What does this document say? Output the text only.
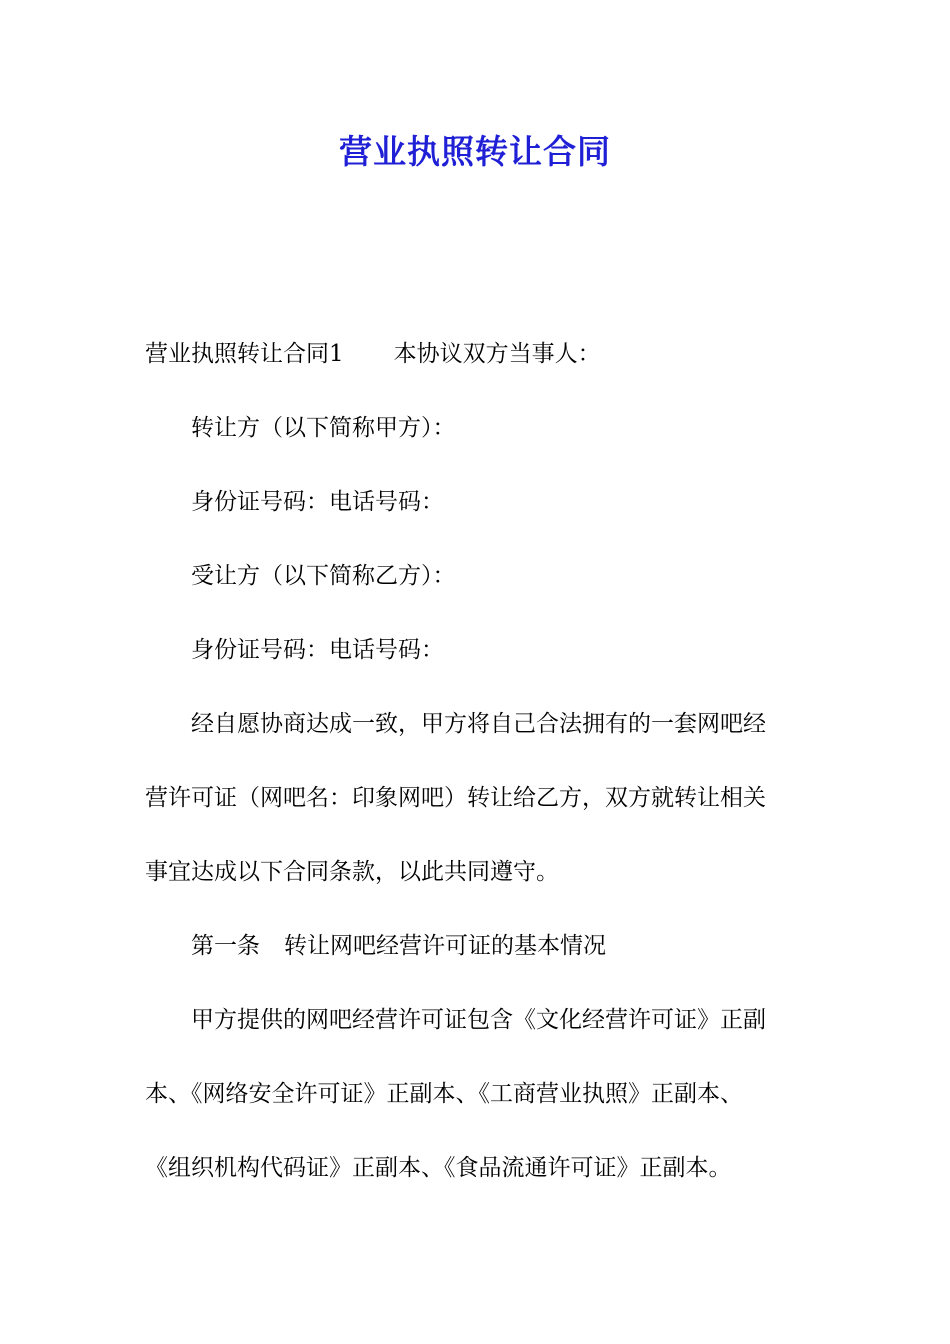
营业执照转让合同

营业执照转让合同1 本协议双方当事人：

转让方（以下简称甲方）：

身份证号码：电话号码：

受让方（以下简称乙方）：

身份证号码：电话号码：

经自愿协商达成一致，甲方将自己合法拥有的一套网吧经

营许可证（网吧名：印象网吧）转让给乙方，双方就转让相关

事宜达成以下合同条款，以此共同遵守。

第一条 转让网吧经营许可证的基本情况

甲方提供的网吧经营许可证包含《文化经营许可证》正副

本、《网络安全许可证》正副本、《工商营业执照》正副本、

《组织机构代码证》正副本、《食品流通许可证》正副本。
